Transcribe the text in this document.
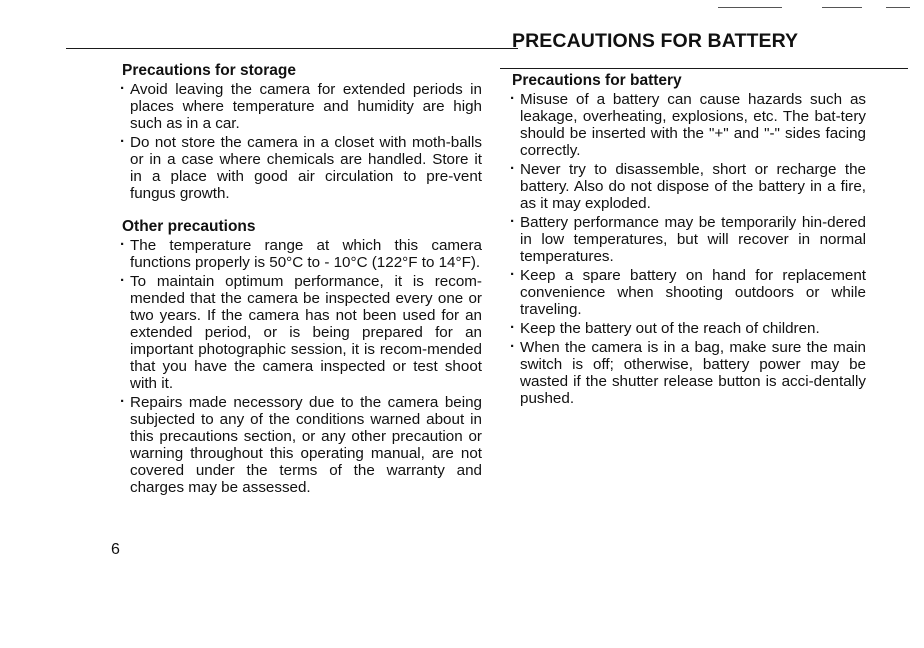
PRECAUTIONS FOR BATTERY
Precautions for storage
· Avoid leaving the camera for extended periods in places where temperature and humidity are high such as in a car.
· Do not store the camera in a closet with moth-balls or in a case where chemicals are handled. Store it in a place with good air circulation to pre-vent fungus growth.
Other precautions
· The temperature range at which this camera functions properly is 50°C to - 10°C (122°F to 14°F).
· To maintain optimum performance, it is recom-mended that the camera be inspected every one or two years. If the camera has not been used for an extended period, or is being prepared for an important photographic session, it is recom-mended that you have the camera inspected or test shoot with it.
· Repairs made necessory due to the camera being subjected to any of the conditions warned about in this precautions section, or any other precaution or warning throughout this operating manual, are not covered under the terms of the warranty and charges may be assessed.
Precautions for battery
· Misuse of a battery can cause hazards such as leakage, overheating, explosions, etc. The bat-tery should be inserted with the "+" and "-" sides facing correctly.
· Never try to disassemble, short or recharge the battery. Also do not dispose of the battery in a fire, as it may exploded.
· Battery performance may be temporarily hin-dered in low temperatures, but will recover in normal temperatures.
· Keep a spare battery on hand for replacement convenience when shooting outdoors or while traveling.
· Keep the battery out of the reach of children.
· When the camera is in a bag, make sure the main switch is off; otherwise, battery power may be wasted if the shutter release button is acci-dentally pushed.
6
